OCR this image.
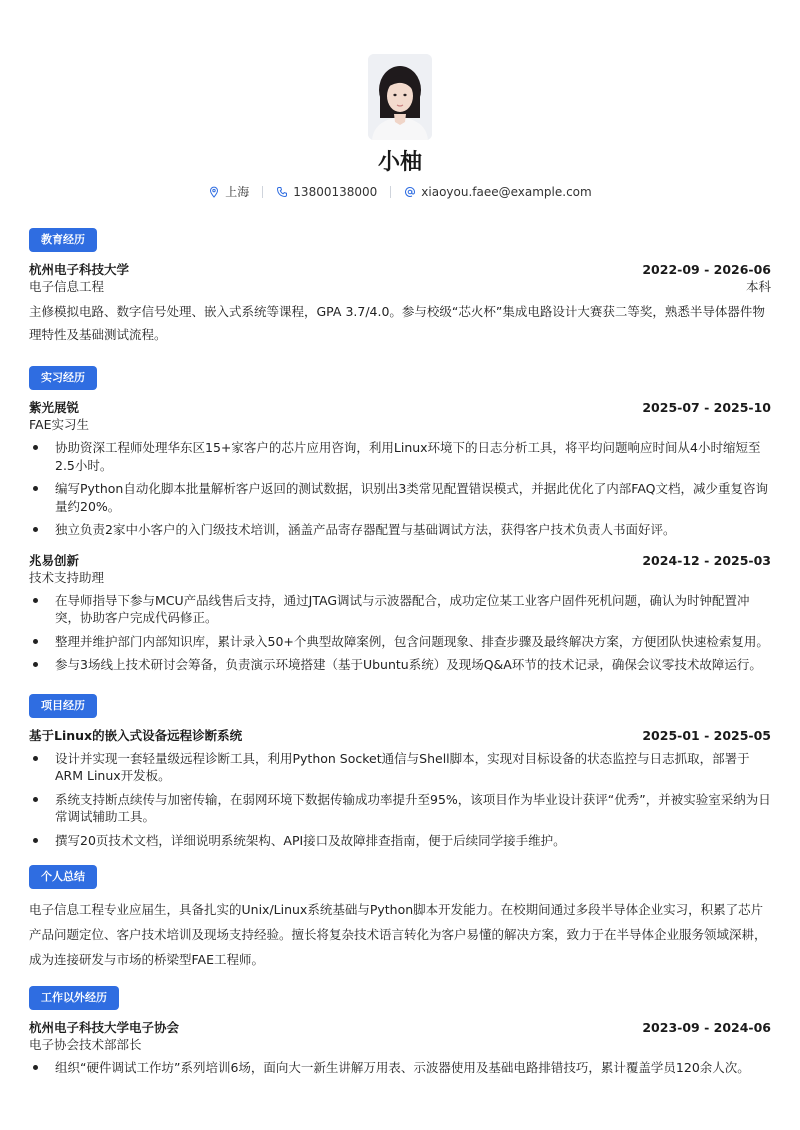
小柚
上海	13800138000	xiaoyou.faee@example.com
教育经历
杭州电子科技大学	2022-09 - 2026-06
电子信息工程	本科
主修模拟电路、数字信号处理、嵌入式系统等课程，GPA 3.7/4.0。参与校级“芯火杯”集成电路设计大赛获二等奖，熟悉半导体器件物理特性及基础测试流程。
实习经历
紫光展锐	2025-07 - 2025-10
FAE实习生
协助资深工程师处理华东区15+家客户的芯片应用咨询，利用Linux环境下的日志分析工具，将平均问题响应时间从4小时缩短至2.5小时。
编写Python自动化脚本批量解析客户返回的测试数据，识别出3类常见配置错误模式，并据此优化了内部FAQ文档，减少重复咨询量约20%。
独立负责2家中小客户的入门级技术培训，涵盖产品寄存器配置与基础调试方法，获得客户技术负责人书面好评。
兆易创新	2024-12 - 2025-03
技术支持助理
在导师指导下参与MCU产品线售后支持，通过JTAG调试与示波器配合，成功定位某工业客户固件死机问题，确认为时钟配置冲突，协助客户完成代码修正。
整理并维护部门内部知识库，累计录入50+个典型故障案例，包含问题现象、排查步骤及最终解决方案，方便团队快速检索复用。
参与3场线上技术研讨会筹备，负责演示环境搭建（基于Ubuntu系统）及现场Q&A环节的技术记录，确保会议零技术故障运行。
项目经历
基于Linux的嵌入式设备远程诊断系统	2025-01 - 2025-05
设计并实现一套轻量级远程诊断工具，利用Python Socket通信与Shell脚本，实现对目标设备的状态监控与日志抓取，部署于ARM Linux开发板。
系统支持断点续传与加密传输，在弱网环境下数据传输成功率提升至95%，该项目作为毕业设计获评“优秀”，并被实验室采纳为日常调试辅助工具。
撰写20页技术文档，详细说明系统架构、API接口及故障排查指南，便于后续同学接手维护。
个人总结
电子信息工程专业应届生，具备扎实的Unix/Linux系统基础与Python脚本开发能力。在校期间通过多段半导体企业实习，积累了芯片产品问题定位、客户技术培训及现场支持经验。擅长将复杂技术语言转化为客户易懂的解决方案，致力于在半导体企业服务领域深耕，成为连接研发与市场的桥梁型FAE工程师。
工作以外经历
杭州电子科技大学电子协会	2023-09 - 2024-06
电子协会技术部部长
组织“硬件调试工作坊”系列培训6场，面向大一新生讲解万用表、示波器使用及基础电路排错技巧，累计覆盖学员120余人次。
